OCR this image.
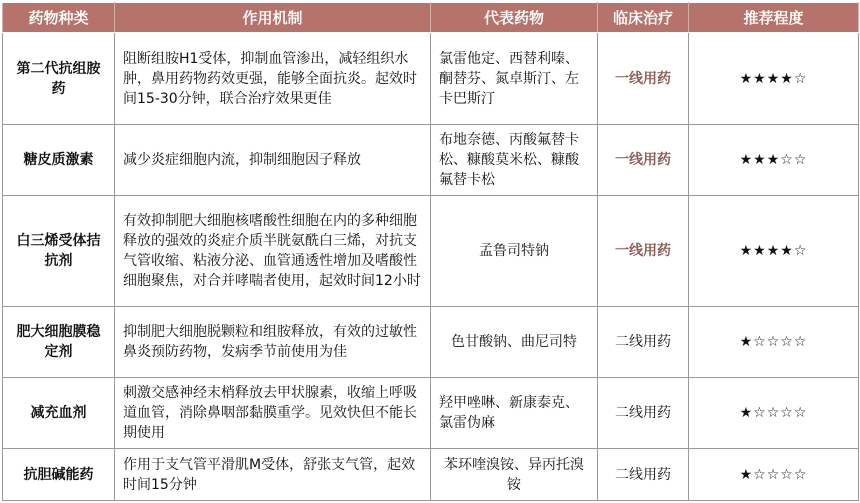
药物种类	作用机制	代表药物	临床治疗	推荐程度
第二代抗组胺药	阻断组胺H1受体，抑制血管渗出，减轻组织水肿，鼻用药物药效更强，能够全面抗炎。起效时间15-30分钟，联合治疗效果更佳	氯雷他定、西替利嗪、酮替芬、氮卓斯汀、左卡巴斯汀	一线用药	★★★★☆
糖皮质激素	减少炎症细胞内流，抑制细胞因子释放	布地奈德、丙酸氟替卡松、糠酸莫米松、糠酸氟替卡松	一线用药	★★★☆☆
白三烯受体拮抗剂	有效抑制肥大细胞核嗜酸性细胞在内的多种细胞释放的强效的炎症介质半胱氨酰白三烯，对抗支气管收缩、粘液分泌、血管通透性增加及嗜酸性细胞聚焦，对合并哮喘者使用，起效时间12小时	孟鲁司特钠	一线用药	★★★★☆
肥大细胞膜稳定剂	抑制肥大细胞脱颗粒和组胺释放，有效的过敏性鼻炎预防药物，发病季节前使用为佳	色甘酸钠、曲尼司特	二线用药	★☆☆☆☆
减充血剂	刺激交感神经末梢释放去甲状腺素，收缩上呼吸道血管，消除鼻咽部黏膜重学。见效快但不能长期使用	羟甲唑啉、新康泰克、氯雷伪麻	二线用药	★☆☆☆☆
抗胆碱能药	作用于支气管平滑肌M受体，舒张支气管，起效时间15分钟	苯环喹溴铵、异丙托溴铵	二线用药	★☆☆☆☆
